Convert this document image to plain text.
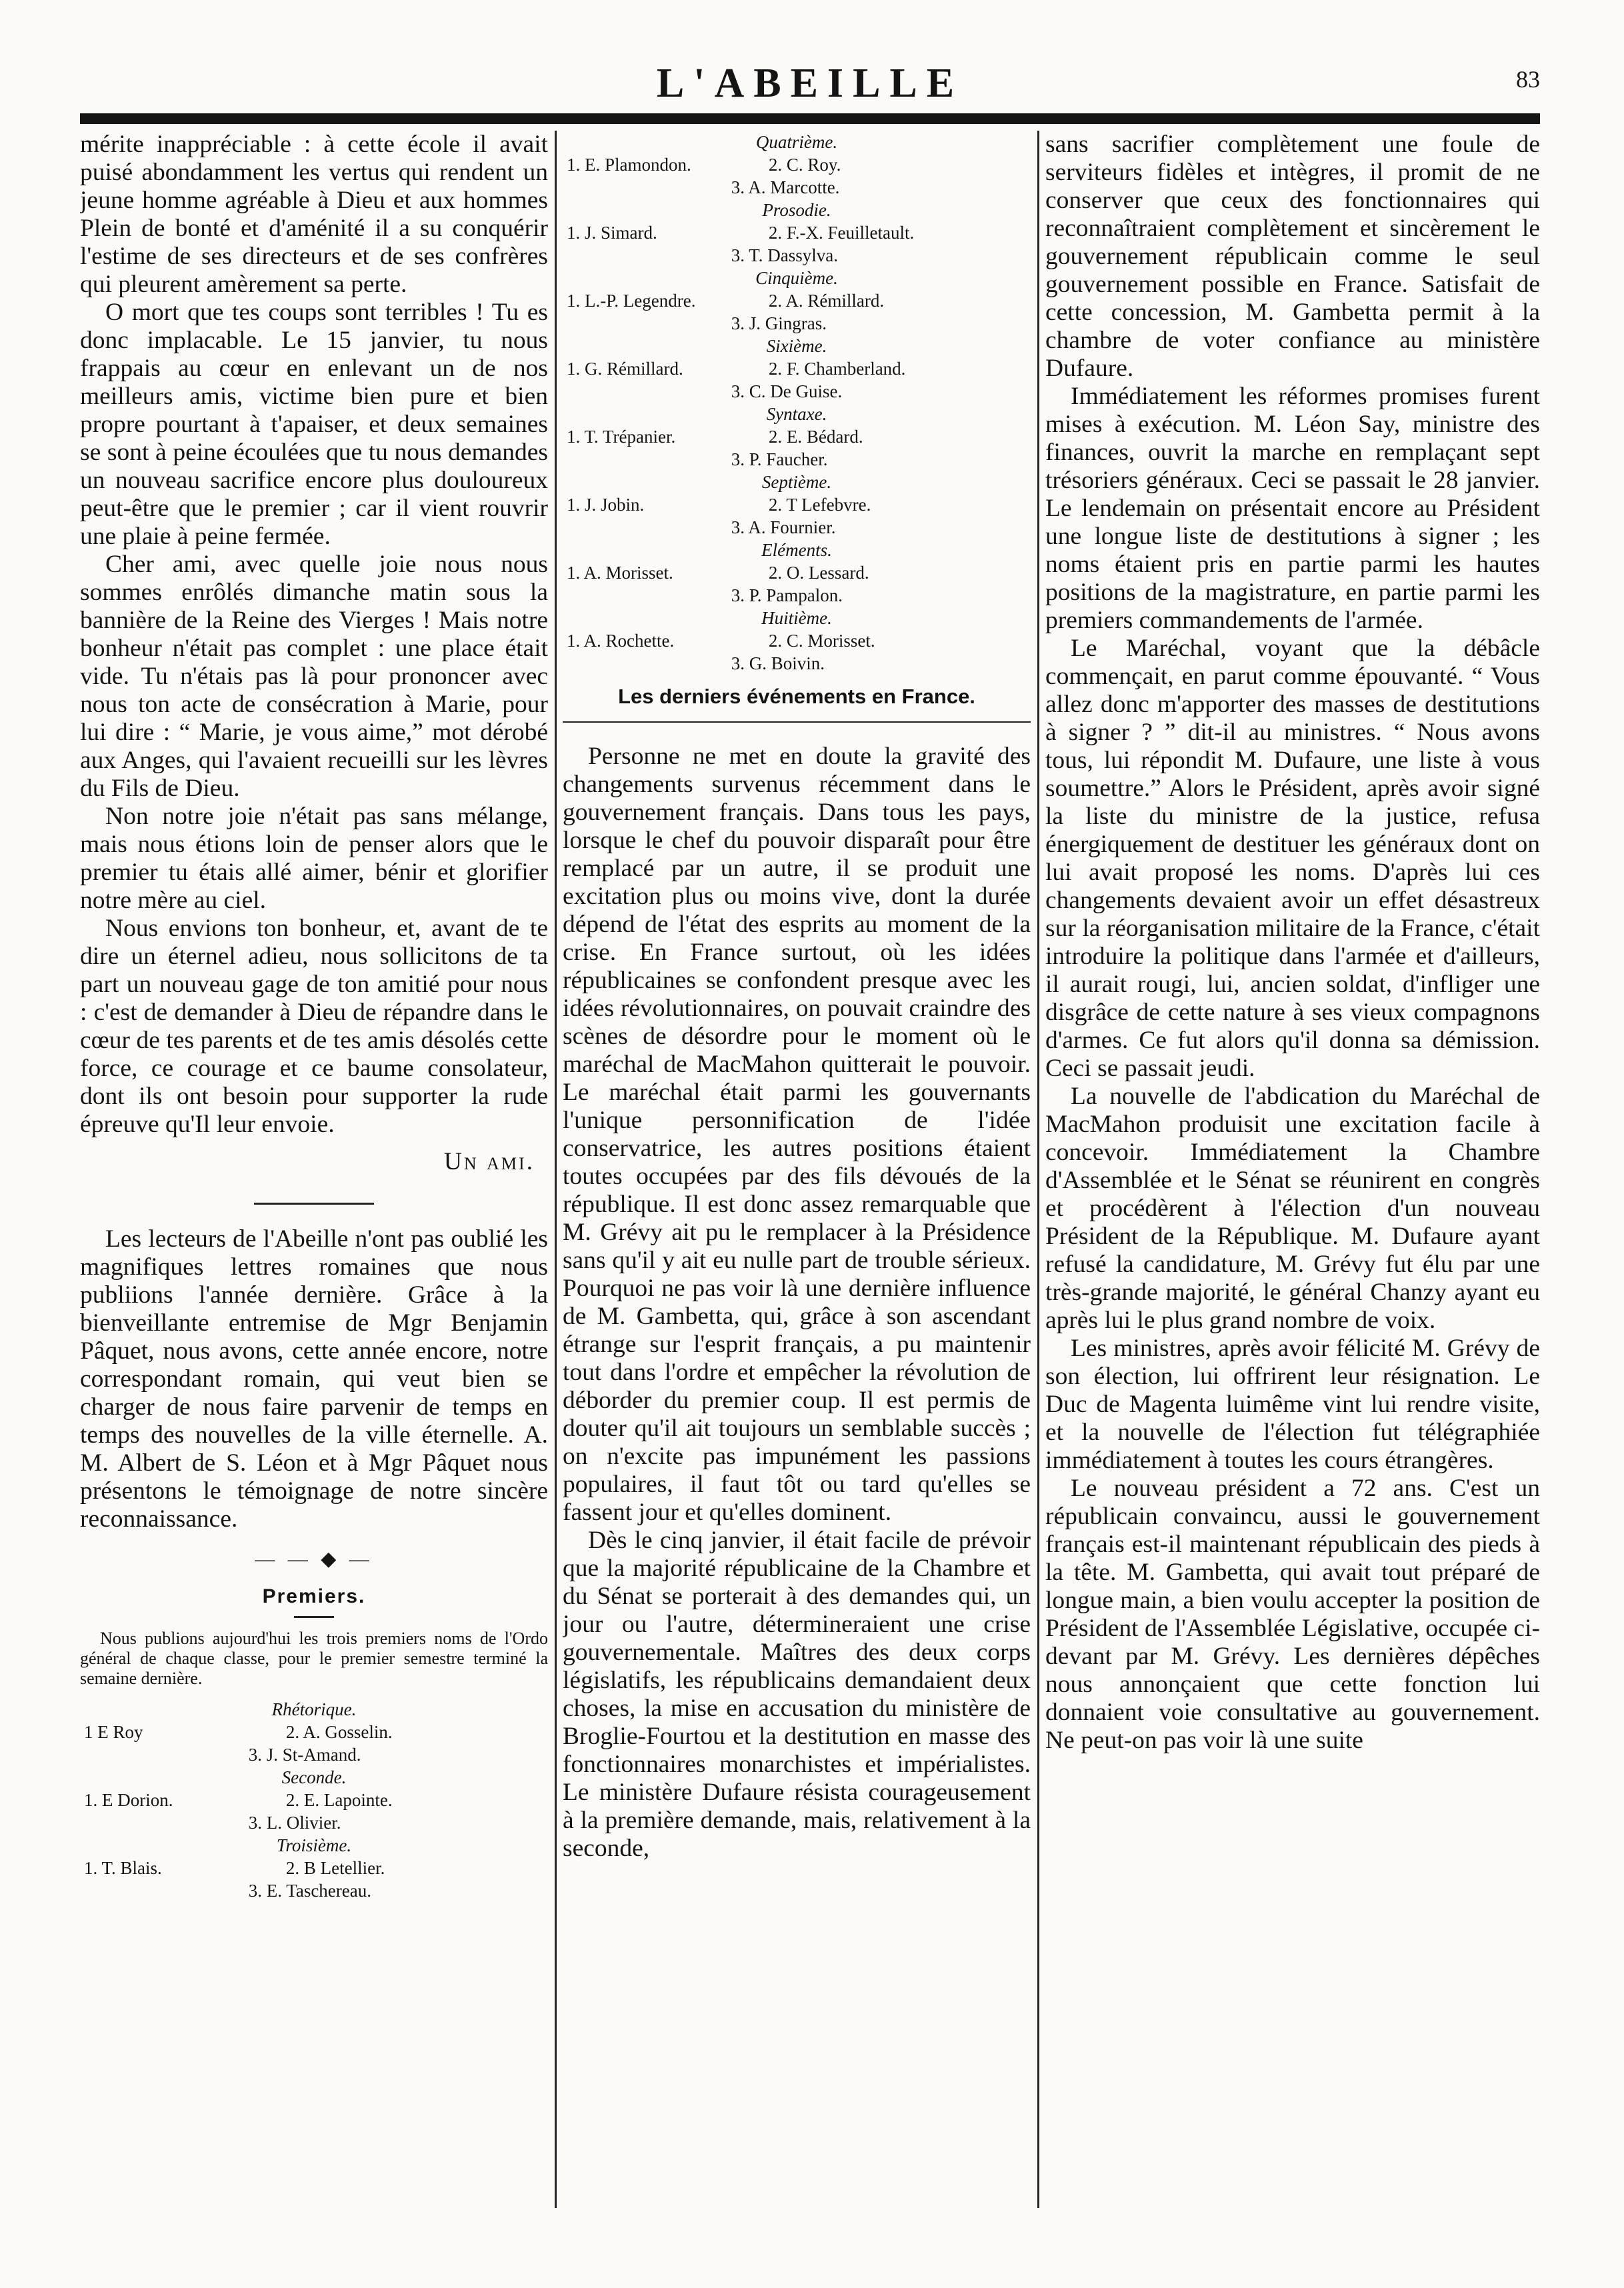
L'ABEILLE	83

mérite inappréciable : à cette école il avait puisé abondamment les vertus qui rendent un jeune homme agréable à Dieu et aux hommes Plein de bonté et d'aménité il a su conquérir l'estime de ses directeurs et de ses confrères qui pleurent amèrement sa perte.

O mort que tes coups sont terribles ! Tu es donc implacable. Le 15 janvier, tu nous frappais au cœur en enlevant un de nos meilleurs amis, victime bien pure et bien propre pourtant à t'apaiser, et deux semaines se sont à peine écoulées que tu nous demandes un nouveau sacrifice encore plus douloureux peut-être que le premier ; car il vient rouvrir une plaie à peine fermée.

Cher ami, avec quelle joie nous nous sommes enrôlés dimanche matin sous la bannière de la Reine des Vierges ! Mais notre bonheur n'était pas complet : une place était vide. Tu n'étais pas là pour prononcer avec nous ton acte de consécration à Marie, pour lui dire : “ Marie, je vous aime,” mot dérobé aux Anges, qui l'avaient recueilli sur les lèvres du Fils de Dieu.

Non notre joie n'était pas sans mélange, mais nous étions loin de penser alors que le premier tu étais allé aimer, bénir et glorifier notre mère au ciel.

Nous envions ton bonheur, et, avant de te dire un éternel adieu, nous sollicitons de ta part un nouveau gage de ton amitié pour nous : c'est de demander à Dieu de répandre dans le cœur de tes parents et de tes amis désolés cette force, ce courage et ce baume consolateur, dont ils ont besoin pour supporter la rude épreuve qu'Il leur envoie.

Un ami.

Les lecteurs de l'Abeille n'ont pas oublié les magnifiques lettres romaines que nous publiions l'année dernière. Grâce à la bienveillante entremise de Mgr Benjamin Pâquet, nous avons, cette année encore, notre correspondant romain, qui veut bien se charger de nous faire parvenir de temps en temps des nouvelles de la ville éternelle. A. M. Albert de S. Léon et à Mgr Pâquet nous présentons le témoignage de notre sincère reconnaissance.

— — ◆ —
Premiers.
Nous publions aujourd'hui les trois premiers noms de l'Ordo général de chaque classe, pour le premier semestre terminé la semaine dernière.
Rhétorique.
1 E Roy	2. A. Gosselin.
3. J. St-Amand.
Seconde.
1. E Dorion.	2. E. Lapointe.
3. L. Olivier.
Troisième.
1. T. Blais.	2. B Letellier.
3. E. Taschereau.
Quatrième.
1. E. Plamondon.	2. C. Roy.
3. A. Marcotte.
Prosodie.
1. J. Simard.	2. F.-X. Feuilletault.
3. T. Dassylva.
Cinquième.
1. L.-P. Legendre.	2. A. Rémillard.
3. J. Gingras.
Sixième.
1. G. Rémillard.	2. F. Chamberland.
3. C. De Guise.
Syntaxe.
1. T. Trépanier.	2. E. Bédard.
3. P. Faucher.
Septième.
1. J. Jobin.	2. T Lefebvre.
3. A. Fournier.
Eléments.
1. A. Morisset.	2. O. Lessard.
3. P. Pampalon.
Huitième.
1. A. Rochette.	2. C. Morisset.
3. G. Boivin.
Les derniers événements en France.

Personne ne met en doute la gravité des changements survenus récemment dans le gouvernement français. Dans tous les pays, lorsque le chef du pouvoir disparaît pour être remplacé par un autre, il se produit une excitation plus ou moins vive, dont la durée dépend de l'état des esprits au moment de la crise. En France surtout, où les idées républicaines se confondent presque avec les idées révolutionnaires, on pouvait craindre des scènes de désordre pour le moment où le maréchal de MacMahon quitterait le pouvoir. Le maréchal était parmi les gouvernants l'unique personnification de l'idée conservatrice, les autres positions étaient toutes occupées par des fils dévoués de la république. Il est donc assez remarquable que M. Grévy ait pu le remplacer à la Présidence sans qu'il y ait eu nulle part de trouble sérieux. Pourquoi ne pas voir là une dernière influence de M. Gambetta, qui, grâce à son ascendant étrange sur l'esprit français, a pu maintenir tout dans l'ordre et empêcher la révolution de déborder du premier coup. Il est permis de douter qu'il ait toujours un semblable succès ; on n'excite pas impunément les passions populaires, il faut tôt ou tard qu'elles se fassent jour et qu'elles dominent.

Dès le cinq janvier, il était facile de prévoir que la majorité républicaine de la Chambre et du Sénat se porterait à des demandes qui, un jour ou l'autre, détermineraient une crise gouvernementale. Maîtres des deux corps législatifs, les républicains demandaient deux choses, la mise en accusation du ministère de Broglie-Fourtou et la destitution en masse des fonctionnaires monarchistes et impérialistes. Le ministère Dufaure résista courageusement à la première demande, mais, relativement à la seconde,

sans sacrifier complètement une foule de serviteurs fidèles et intègres, il promit de ne conserver que ceux des fonctionnaires qui reconnaîtraient complètement et sincèrement le gouvernement républicain comme le seul gouvernement possible en France. Satisfait de cette concession, M. Gambetta permit à la chambre de voter confiance au ministère Dufaure.

Immédiatement les réformes promises furent mises à exécution. M. Léon Say, ministre des finances, ouvrit la marche en remplaçant sept trésoriers généraux. Ceci se passait le 28 janvier. Le lendemain on présentait encore au Président une longue liste de destitutions à signer ; les noms étaient pris en partie parmi les hautes positions de la magistrature, en partie parmi les premiers commandements de l'armée.

Le Maréchal, voyant que la débâcle commençait, en parut comme épouvanté. “ Vous allez donc m'apporter des masses de destitutions à signer ? ” dit-il au ministres. “ Nous avons tous, lui répondit M. Dufaure, une liste à vous soumettre.” Alors le Président, après avoir signé la liste du ministre de la justice, refusa énergiquement de destituer les généraux dont on lui avait proposé les noms. D'après lui ces changements devaient avoir un effet désastreux sur la réorganisation militaire de la France, c'était introduire la politique dans l'armée et d'ailleurs, il aurait rougi, lui, ancien soldat, d'infliger une disgrâce de cette nature à ses vieux compagnons d'armes. Ce fut alors qu'il donna sa démission. Ceci se passait jeudi.

La nouvelle de l'abdication du Maréchal de MacMahon produisit une excitation facile à concevoir. Immédiatement la Chambre d'Assemblée et le Sénat se réunirent en congrès et procédèrent à l'élection d'un nouveau Président de la République. M. Dufaure ayant refusé la candidature, M. Grévy fut élu par une très-grande majorité, le général Chanzy ayant eu après lui le plus grand nombre de voix.

Les ministres, après avoir félicité M. Grévy de son élection, lui offrirent leur résignation. Le Duc de Magenta luimême vint lui rendre visite, et la nouvelle de l'élection fut télégraphiée immédiatement à toutes les cours étrangères.

Le nouveau président a 72 ans. C'est un républicain convaincu, aussi le gouvernement français est-il maintenant républicain des pieds à la tête. M. Gambetta, qui avait tout préparé de longue main, a bien voulu accepter la position de Président de l'Assemblée Législative, occupée ci-devant par M. Grévy. Les dernières dépêches nous annonçaient que cette fonction lui donnaient voie consultative au gouvernement. Ne peut-on pas voir là une suite
